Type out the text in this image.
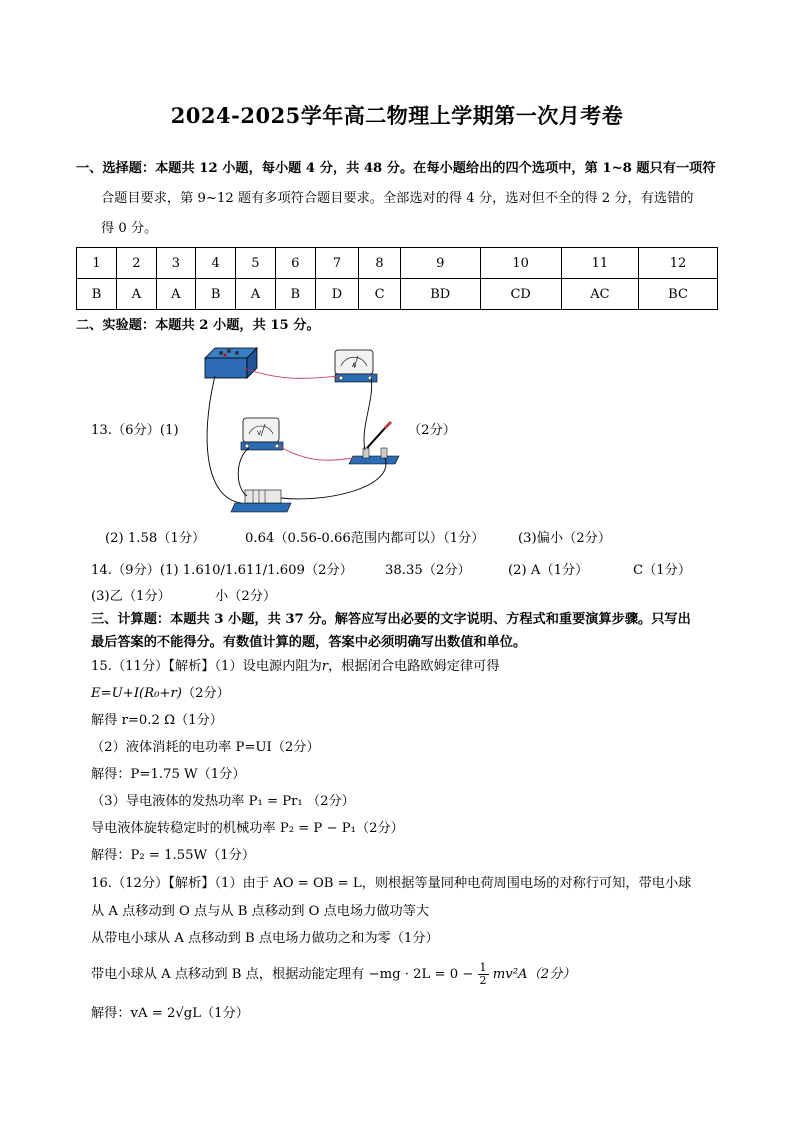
2024-2025学年高二物理上学期第一次月考卷
一、选择题：本题共 12 小题，每小题 4 分，共 48 分。在每小题给出的四个选项中，第 1~8 题只有一项符
合题目要求，第 9~12 题有多项符合题目要求。全部选对的得 4 分，选对但不全的得 2 分，有选错的
得 0 分。
1	2	3	4	5	6	7	8	9	10	11	12
B	A	A	B	A	B	D	C	BD	CD	AC	BC
二、实验题：本题共 2 小题，共 15 分。
A
V
13.（6分）(1)	（2分）
(2) 1.58（1分）	0.64（0.56-0.66范围内都可以）（1分）	(3)偏小（2分）
14.（9分）(1) 1.610/1.611/1.609（2分） 38.35（2分）	(2) A（1分）	C（1分）
(3)乙（1分）	小（2分）
三、计算题：本题共 3 小题，共 37 分。解答应写出必要的文字说明、方程式和重要演算步骤。只写出
最后答案的不能得分。有数值计算的题，答案中必须明确写出数值和单位。
15.（11分）【解析】（1）设电源内阻为r，根据闭合电路欧姆定律可得
E=U+I(R₀+r)（2分）
解得 r=0.2 Ω（1分）
（2）液体消耗的电功率 P=UI（2分）
解得：P=1.75 W（1分）
（3）导电液体的发热功率 P₁ = Pr₁ （2分）
导电液体旋转稳定时的机械功率 P₂ = P − P₁（2分）
解得：P₂ = 1.55W（1分）
16.（12分）【解析】（1）由于 AO = OB = L，则根据等量同种电荷周围电场的对称行可知，带电小球
从 A 点移动到 O 点与从 B 点移动到 O 点电场力做功等大
从带电小球从 A 点移动到 B 点电场力做功之和为零（1分）
带电小球从 A 点移动到 B 点，根据动能定理有 $-mg \cdot 2L = 0 - \frac{1}{2} mv^2A(2$分）
解得：vA = 2√gL（1分）
